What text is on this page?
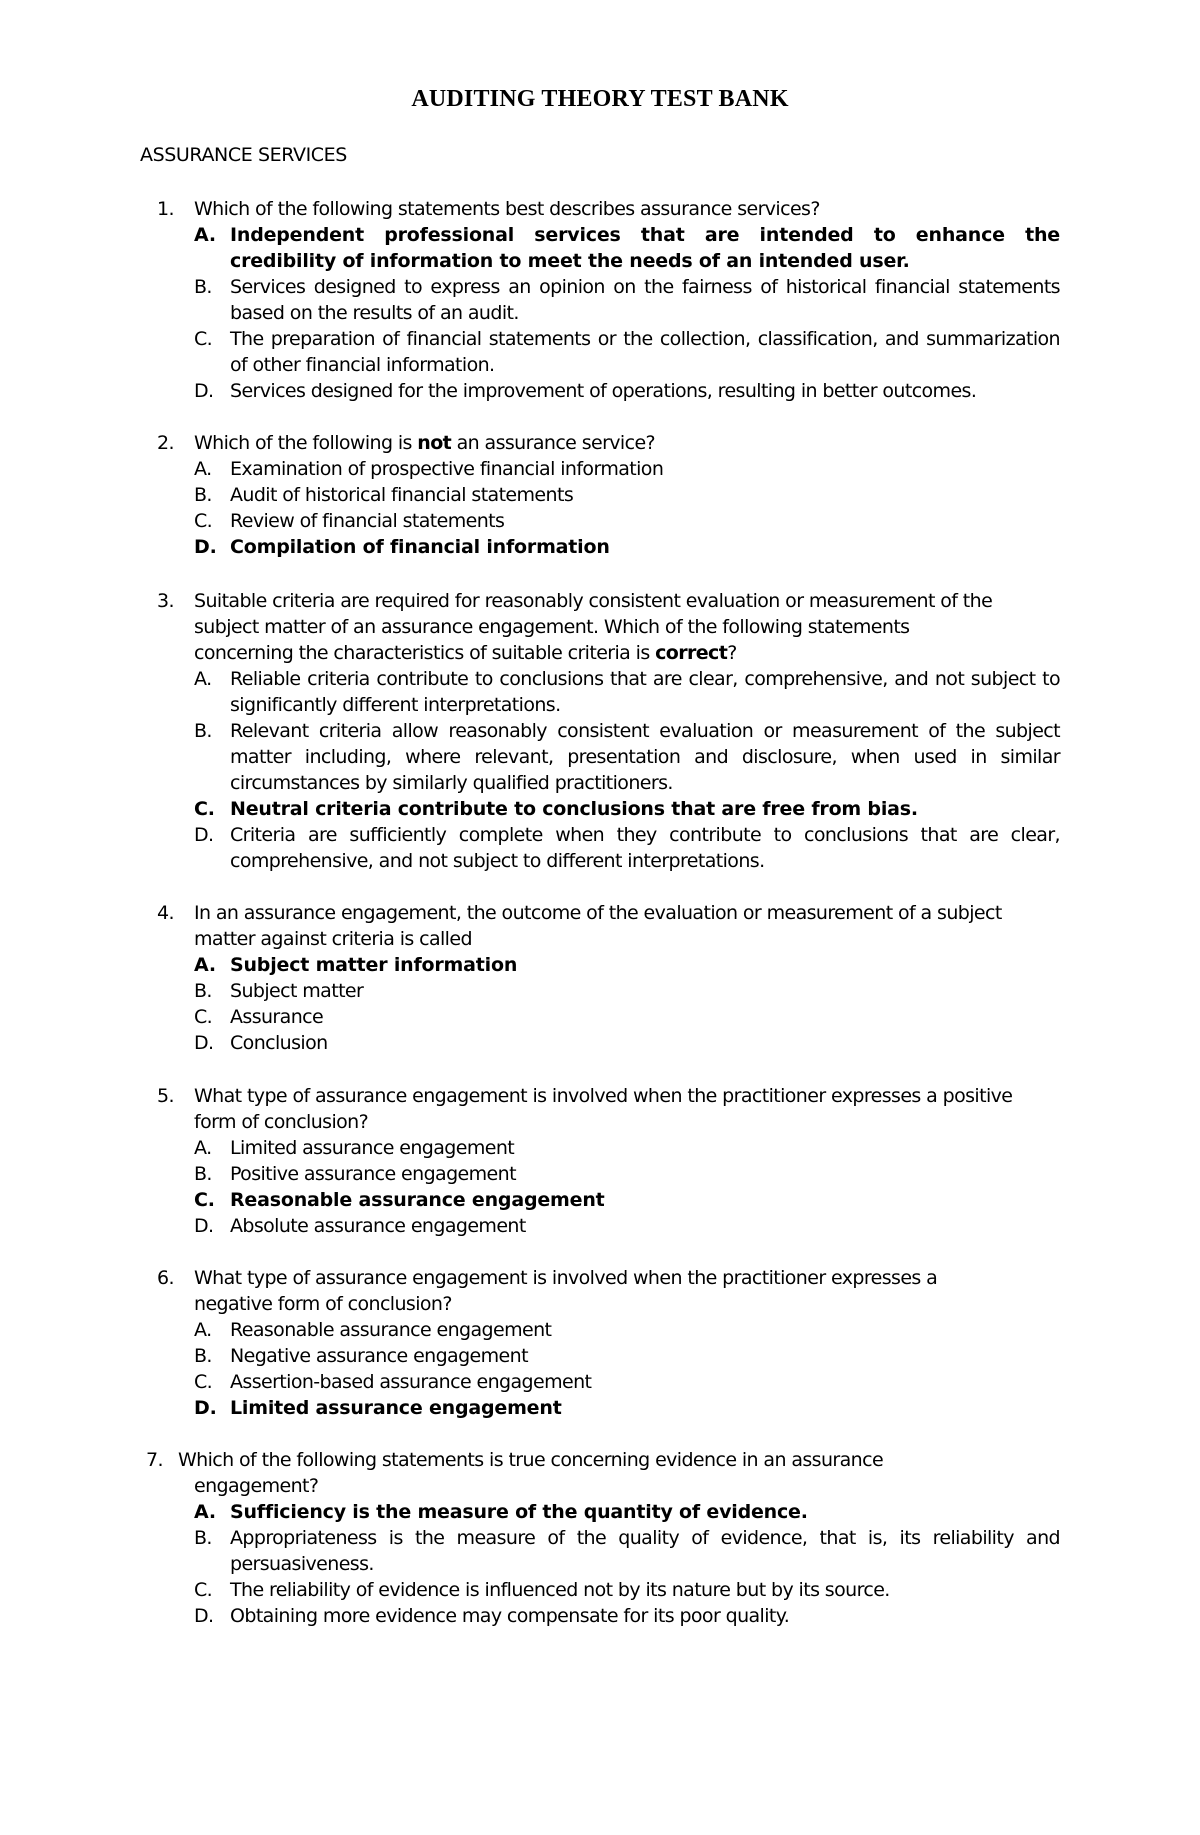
AUDITING THEORY TEST BANK
ASSURANCE SERVICES
1. Which of the following statements best describes assurance services?
A. Independent professional services that are intended to enhance the credibility of information to meet the needs of an intended user.
B. Services designed to express an opinion on the fairness of historical financial statements based on the results of an audit.
C. The preparation of financial statements or the collection, classification, and summarization of other financial information.
D. Services designed for the improvement of operations, resulting in better outcomes.
2. Which of the following is not an assurance service?
A. Examination of prospective financial information
B. Audit of historical financial statements
C. Review of financial statements
D. Compilation of financial information
3. Suitable criteria are required for reasonably consistent evaluation or measurement of the
subject matter of an assurance engagement. Which of the following statements
concerning the characteristics of suitable criteria is correct?
A. Reliable criteria contribute to conclusions that are clear, comprehensive, and not subject to significantly different interpretations.
B. Relevant criteria allow reasonably consistent evaluation or measurement of the subject matter including, where relevant, presentation and disclosure, when used in similar circumstances by similarly qualified practitioners.
C. Neutral criteria contribute to conclusions that are free from bias.
D. Criteria are sufficiently complete when they contribute to conclusions that are clear, comprehensive, and not subject to different interpretations.
4. In an assurance engagement, the outcome of the evaluation or measurement of a subject
matter against criteria is called
A. Subject matter information
B. Subject matter
C. Assurance
D. Conclusion
5. What type of assurance engagement is involved when the practitioner expresses a positive
form of conclusion?
A. Limited assurance engagement
B. Positive assurance engagement
C. Reasonable assurance engagement
D. Absolute assurance engagement
6. What type of assurance engagement is involved when the practitioner expresses a
negative form of conclusion?
A. Reasonable assurance engagement
B. Negative assurance engagement
C. Assertion-based assurance engagement
D. Limited assurance engagement
7. Which of the following statements is true concerning evidence in an assurance
engagement?
A. Sufficiency is the measure of the quantity of evidence.
B. Appropriateness is the measure of the quality of evidence, that is, its reliability and persuasiveness.
C. The reliability of evidence is influenced not by its nature but by its source.
D. Obtaining more evidence may compensate for its poor quality.
